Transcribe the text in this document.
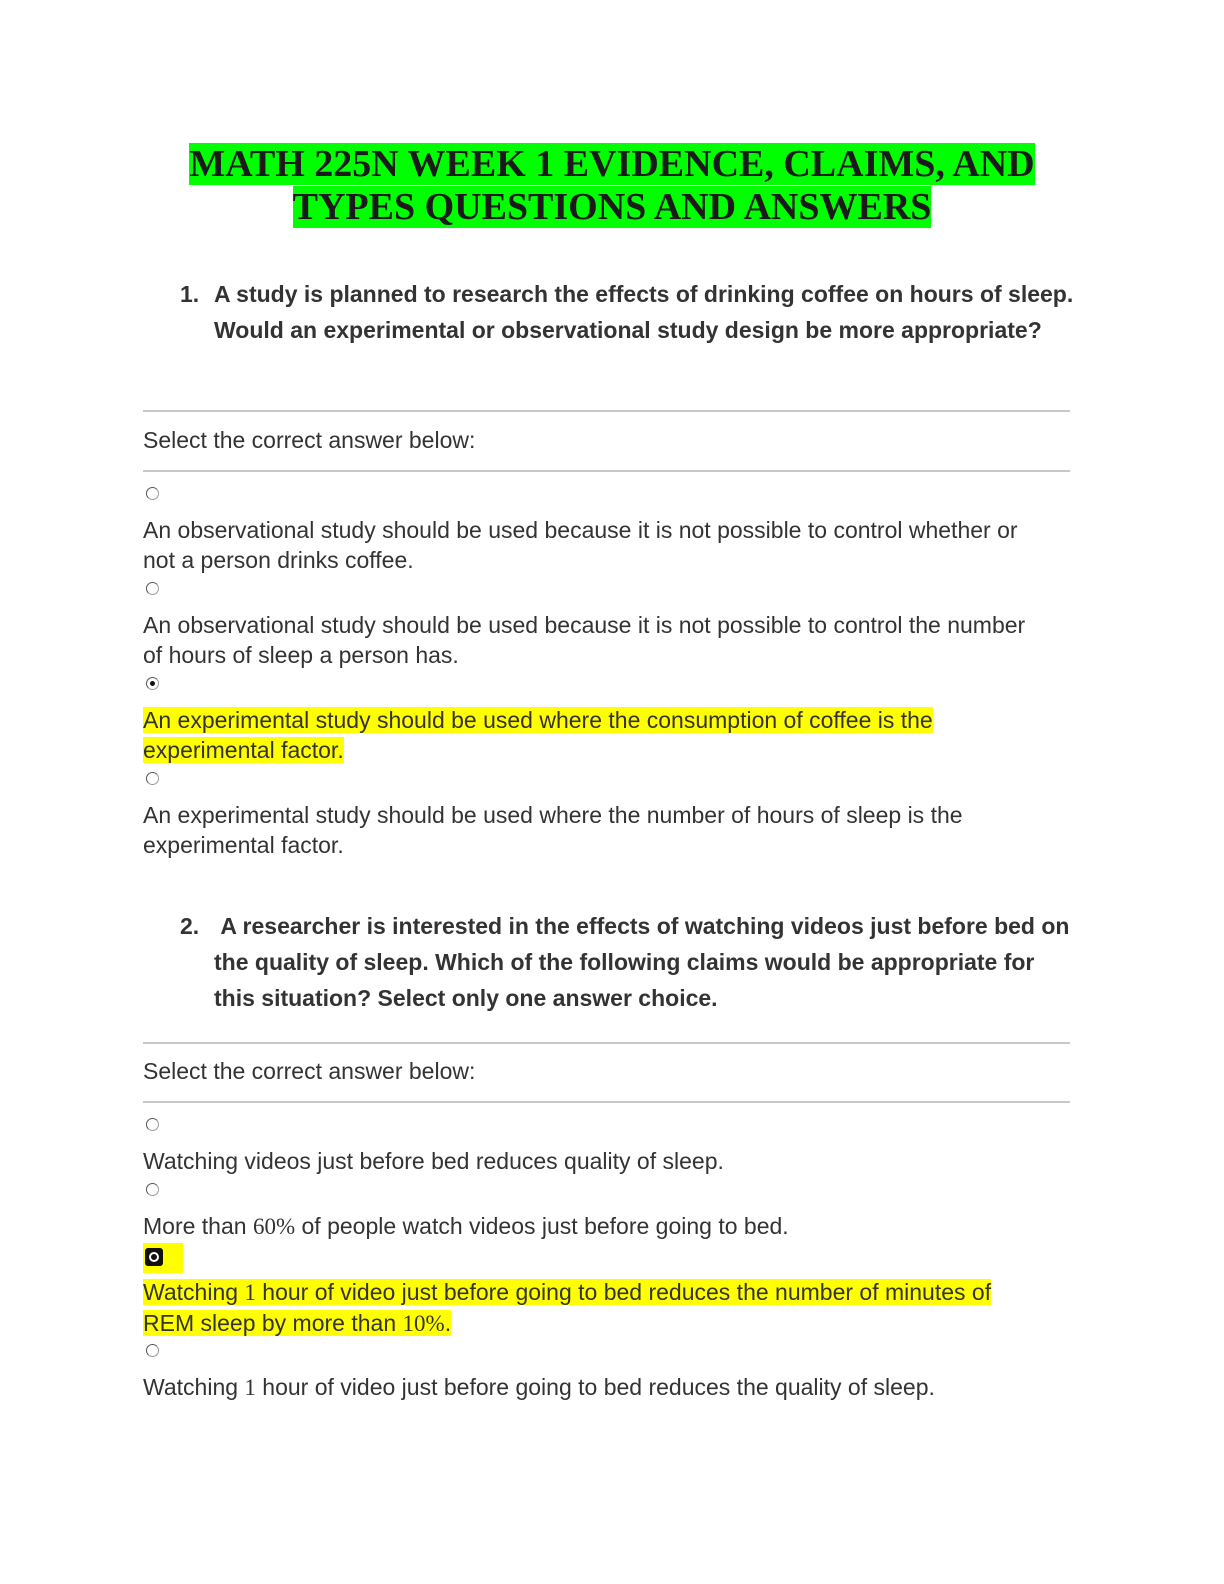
MATH 225N WEEK 1 EVIDENCE, CLAIMS, AND
TYPES QUESTIONS AND ANSWERS
1. A study is planned to research the effects of drinking coffee on hours of sleep. Would an experimental or observational study design be more appropriate?
Select the correct answer below:
An observational study should be used because it is not possible to control whether or
not a person drinks coffee.
An observational study should be used because it is not possible to control the number
of hours of sleep a person has.
An experimental study should be used where the consumption of coffee is the
experimental factor.
An experimental study should be used where the number of hours of sleep is the
experimental factor.
2. A researcher is interested in the effects of watching videos just before bed on the quality of sleep. Which of the following claims would be appropriate for this situation? Select only one answer choice.
Select the correct answer below:
Watching videos just before bed reduces quality of sleep.
More than 60% of people watch videos just before going to bed.
Watching 1 hour of video just before going to bed reduces the number of minutes of
REM sleep by more than 10%.
Watching 1 hour of video just before going to bed reduces the quality of sleep.
